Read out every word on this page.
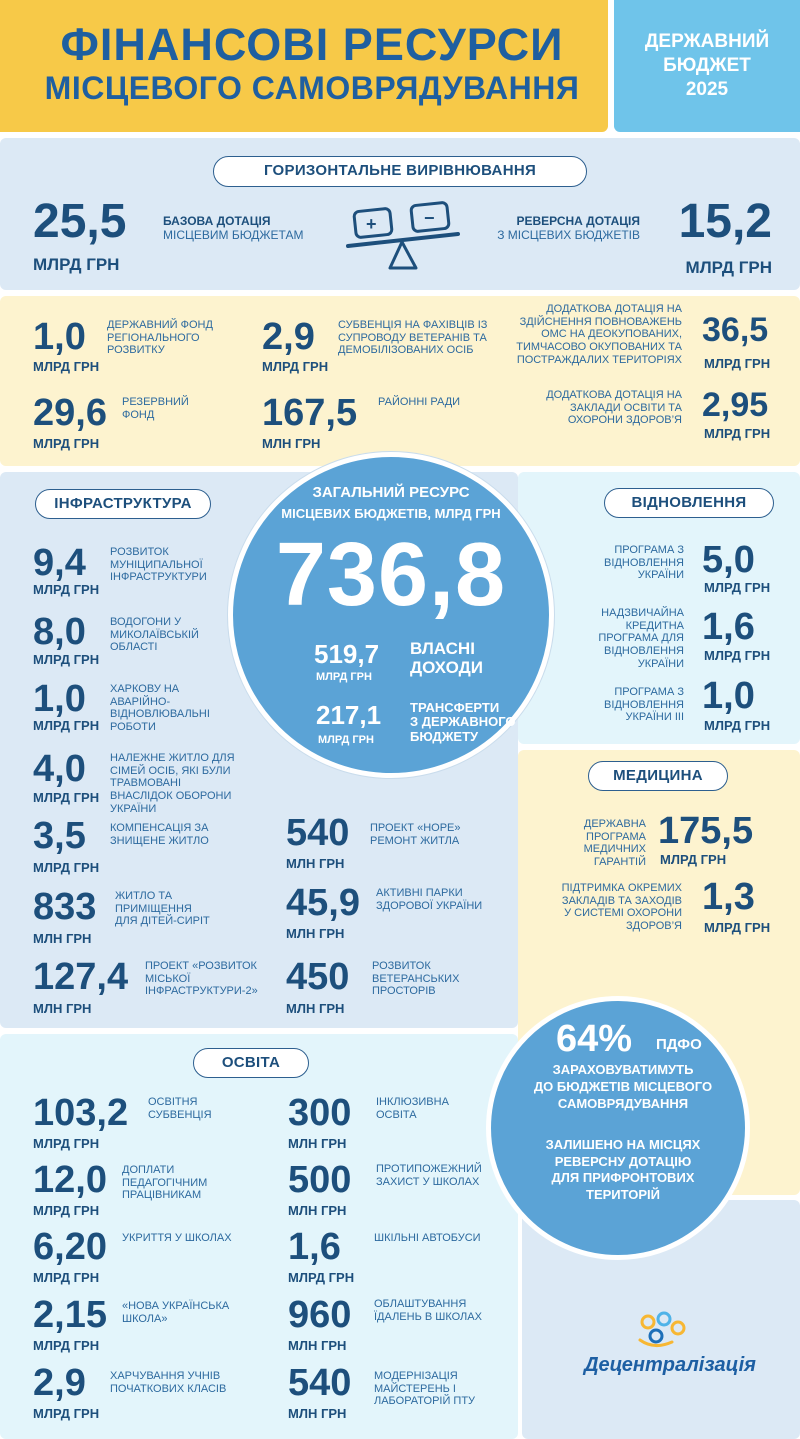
ФІНАНСОВІ РЕСУРСИ
МІСЦЕВОГО САМОВРЯДУВАННЯ
ДЕРЖАВНИЙ
БЮДЖЕТ
2025
ГОРИЗОНТАЛЬНЕ ВИРІВНЮВАННЯ
25,5
МЛРД ГРН
БАЗОВА ДОТАЦІЯ
МІСЦЕВИМ БЮДЖЕТАМ
+	−	РЕВЕРСНА ДОТАЦІЯ
З МІСЦЕВИХ БЮДЖЕТІВ 15,2
МЛРД ГРН
1,0
МЛРД ГРН
ДЕРЖАВНИЙ ФОНД РЕГІОНАЛЬНОГО РОЗВИТКУ	2,9
МЛРД ГРН
СУБВЕНЦІЯ НА ФАХІВЦІВ ІЗ СУПРОВОДУ ВЕТЕРАНІВ ТА ДЕМОБІЛІЗОВАНИХ ОСІБ
ДОДАТКОВА ДОТАЦІЯ НА ЗДІЙСНЕННЯ ПОВНОВАЖЕНЬ ОМС НА ДЕОКУПОВАНИХ, ТИМЧАСОВО ОКУПОВАНИХ ТА ПОСТРАЖДАЛИХ ТЕРИТОРІЯХ
36,5
МЛРД ГРН
29,6
МЛРД ГРН
РЕЗЕРВНИЙ ФОНД	167,5
МЛН ГРН
РАЙОННІ РАДИ
ДОДАТКОВА ДОТАЦІЯ НА ЗАКЛАДИ ОСВІТИ ТА ОХОРОНИ ЗДОРОВ’Я 2,95
МЛРД ГРН
ІНФРАСТРУКТУРА
9,4
МЛРД ГРН
РОЗВИТОК МУНІЦИПАЛЬНОЇ ІНФРАСТРУКТУРИ
8,0
МЛРД ГРН
ВОДОГОНИ У МИКОЛАЇВСЬКІЙ ОБЛАСТІ
1,0
МЛРД ГРН
ХАРКОВУ НА АВАРІЙНО-ВІДНОВЛЮВАЛЬНІ РОБОТИ
4,0
МЛРД ГРН
НАЛЕЖНЕ ЖИТЛО ДЛЯ СІМЕЙ ОСІБ, ЯКІ БУЛИ ТРАВМОВАНІ ВНАСЛІДОК ОБОРОНИ УКРАЇНИ
3,5
МЛРД ГРН
КОМПЕНСАЦІЯ ЗА ЗНИЩЕНЕ ЖИТЛО
833
МЛН ГРН
ЖИТЛО ТА ПРИМІЩЕННЯ ДЛЯ ДІТЕЙ-СИРІТ
127,4
МЛН ГРН
ПРОЕКТ «РОЗВИТОК МІСЬКОЇ ІНФРАСТРУКТУРИ-2»
540
МЛН ГРН
ПРОЕКТ «HOPE» РЕМОНТ ЖИТЛА
45,9
МЛН ГРН
АКТИВНІ ПАРКИ ЗДОРОВОЇ УКРАЇНИ
450
МЛН ГРН
РОЗВИТОК ВЕТЕРАНСЬКИХ ПРОСТОРІВ
ВІДНОВЛЕННЯ
ПРОГРАМА З ВІДНОВЛЕННЯ УКРАЇНИ 5,0
МЛРД ГРН
НАДЗВИЧАЙНА КРЕДИТНА ПРОГРАМА ДЛЯ ВІДНОВЛЕННЯ УКРАЇНИ
1,6
МЛРД ГРН
ПРОГРАМА З ВІДНОВЛЕННЯ УКРАЇНИ ІІІ
1,0
МЛРД ГРН
МЕДИЦИНА
ДЕРЖАВНА ПРОГРАМА МЕДИЧНИХ ГАРАНТІЙ
175,5
МЛРД ГРН
ПІДТРИМКА ОКРЕМИХ ЗАКЛАДІВ ТА ЗАХОДІВ У СИСТЕМІ ОХОРОНИ ЗДОРОВ’Я
1,3
МЛРД ГРН
ЗАГАЛЬНИЙ РЕСУРС
МІСЦЕВИХ БЮДЖЕТІВ, МЛРД ГРН
736,8
519,7
МЛРД ГРН
ВЛАСНІ
ДОХОДИ
217,1
МЛРД ГРН
ТРАНСФЕРТИ
З ДЕРЖАВНОГО
БЮДЖЕТУ
64% ПДФО
ЗАРАХОВУВАТИМУТЬ
ДО БЮДЖЕТІВ МІСЦЕВОГО
САМОВРЯДУВАННЯ
ЗАЛИШЕНО НА МІСЦЯХ
РЕВЕРСНУ ДОТАЦІЮ
ДЛЯ ПРИФРОНТОВИХ
ТЕРИТОРІЙ
ОСВІТА
103,2
МЛРД ГРН
ОСВІТНЯ СУБВЕНЦІЯ
12,0
МЛРД ГРН
ДОПЛАТИ ПЕДАГОГІЧНИМ ПРАЦІВНИКАМ
6,20
МЛРД ГРН
УКРИТТЯ У ШКОЛАХ
2,15
МЛРД ГРН
«НОВА УКРАЇНСЬКА ШКОЛА»
2,9
МЛРД ГРН
ХАРЧУВАННЯ УЧНІВ ПОЧАТКОВИХ КЛАСІВ
300
МЛН ГРН
ІНКЛЮЗИВНА ОСВІТА
500
МЛН ГРН
ПРОТИПОЖЕЖНИЙ ЗАХИСТ У ШКОЛАХ
1,6
МЛРД ГРН
ШКІЛЬНІ АВТОБУСИ
960
МЛН ГРН
ОБЛАШТУВАННЯ ЇДАЛЕНЬ В ШКОЛАХ
540
МЛН ГРН
МОДЕРНІЗАЦІЯ МАЙСТЕРЕНЬ І ЛАБОРАТОРІЙ ПТУ
Децентралізація
